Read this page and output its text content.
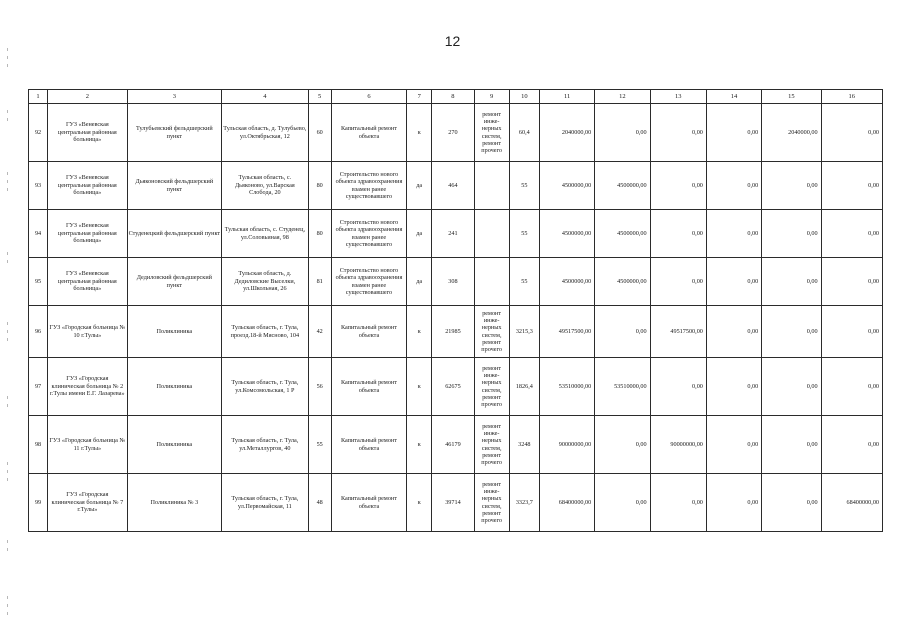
12
1	2	3	4	5	6	7	8	9	10	11	12	13	14	15	16
92	ГУЗ «Веневская центральная районная больница»	Тулубьевский фельдшерский пункт	Тульская область, д. Тулубьево, ул.Октябрьская, 12	60	Капитальный ремонт объекта	к	270	ремонт инже-нерных систем, ремонт прочего	60,4	2040000,00	0,00	0,00	0,00	2040000,00	0,00
93	ГУЗ «Веневская центральная районная больница»	Дьяконовский фельдшерский пункт	Тульская область, с. Дьяконово, ул.Варская Слобода, 20	80	Строительство нового объекта здравоохранения взамен ранее существовавшего	да	464		55	4500000,00	4500000,00	0,00	0,00	0,00	0,00
94	ГУЗ «Веневская центральная районная больница»	Студенецкий фельдшерский пункт	Тульская область, с. Студенец, ул.Соловьиная, 98	80	Строительство нового объекта здравоохранения взамен ранее существовавшего	да	241		55	4500000,00	4500000,00	0,00	0,00	0,00	0,00
95	ГУЗ «Веневская центральная районная больница»	Дедиловский фельдшерский пункт	Тульская область, д. Дедиловские Выселки, ул.Школьная, 26	81	Строительство нового объекта здравоохранения взамен ранее существовавшего	да	308		55	4500000,00	4500000,00	0,00	0,00	0,00	0,00
96	ГУЗ «Городская больница № 10 г.Тулы»	Поликлиника	Тульская область, г. Тула, проезд.18-й Мясново, 104	42	Капитальный ремонт объекта	к	21985	ремонт инже-нерных систем, ремонт прочего	3215,3	49517500,00	0,00	49517500,00	0,00	0,00	0,00
97	ГУЗ «Городская клиническая больница № 2 г.Тулы имени Е.Г. Лазарева»	Поликлиника	Тульская область, г. Тула, ул.Комсомольская, 1 Р	56	Капитальный ремонт объекта	к	62675	ремонт инже-нерных систем, ремонт прочего	1826,4	53510000,00	53510000,00	0,00	0,00	0,00	0,00
98	ГУЗ «Городская больница № 11 г.Тулы»	Поликлиника	Тульская область, г. Тула, ул.Металлургов, 40	55	Капитальный ремонт объекта	к	46179	ремонт инже-нерных систем, ремонт прочего	3248	90000000,00	0,00	90000000,00	0,00	0,00	0,00
99	ГУЗ «Городская клиническая больница № 7 г.Тулы»	Поликлиника № 3	Тульская область, г. Тула, ул.Первомайская, 11	48	Капитальный ремонт объекта	к	39714	ремонт инже-нерных систем, ремонт прочего	3323,7	68400000,00	0,00	0,00	0,00	0,00	68400000,00
